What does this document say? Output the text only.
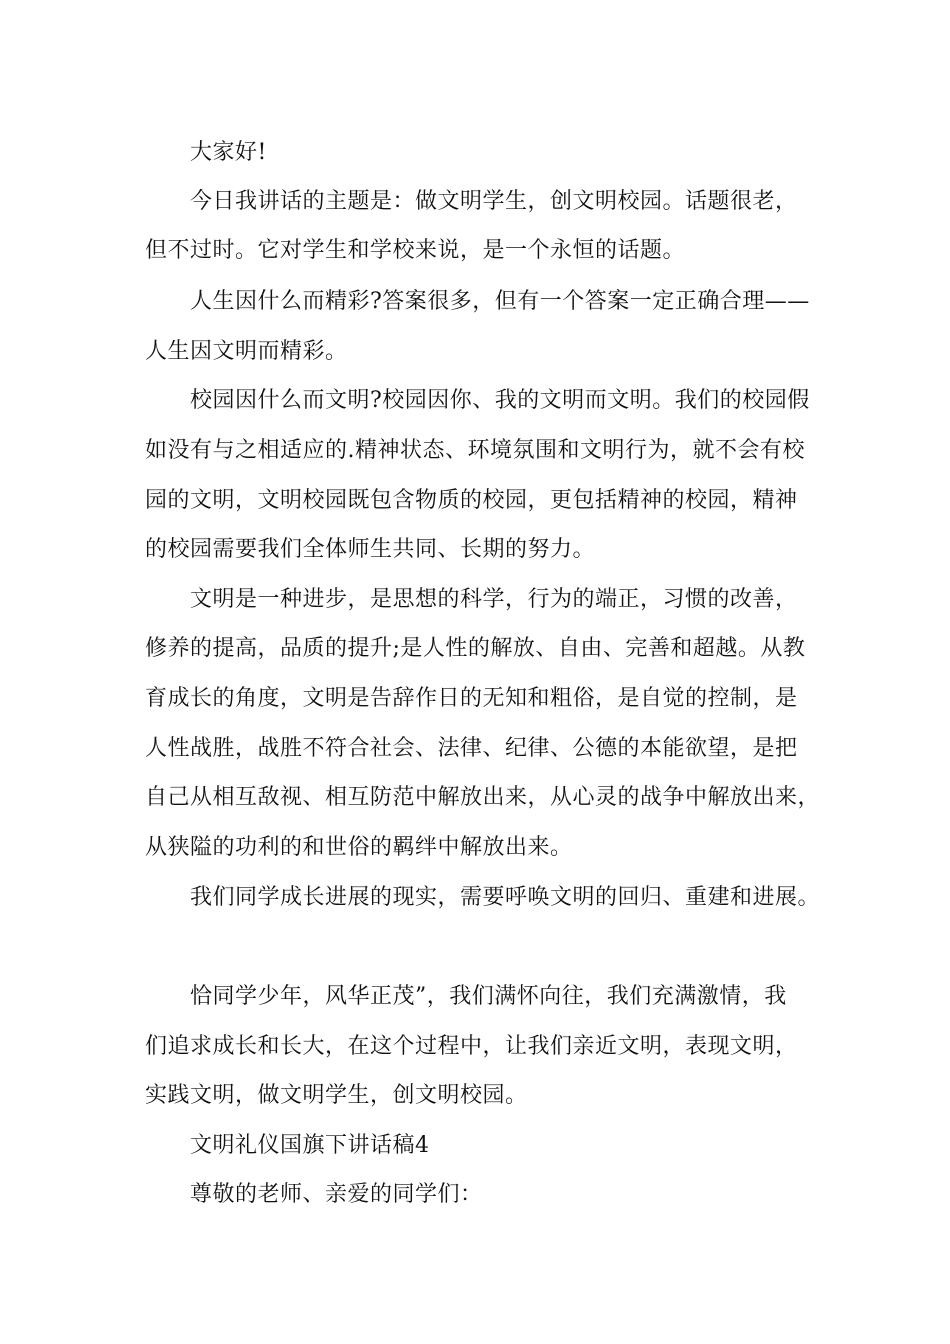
大家好!
今日我讲话的主题是：做文明学生，创文明校园。话题很老，
但不过时。它对学生和学校来说，是一个永恒的话题。
人生因什么而精彩?答案很多，但有一个答案一定正确合理——
人生因文明而精彩。
校园因什么而文明?校园因你、我的文明而文明。我们的校园假
如没有与之相适应的.精神状态、环境氛围和文明行为，就不会有校
园的文明，文明校园既包含物质的校园，更包括精神的校园，精神
的校园需要我们全体师生共同、长期的努力。
文明是一种进步，是思想的科学，行为的端正，习惯的改善，
修养的提高，品质的提升;是人性的解放、自由、完善和超越。从教
育成长的角度，文明是告辞作日的无知和粗俗，是自觉的控制，是
人性战胜，战胜不符合社会、法律、纪律、公德的本能欲望，是把
自己从相互敌视、相互防范中解放出来，从心灵的战争中解放出来，
从狭隘的功利的和世俗的羁绊中解放出来。
我们同学成长进展的现实，需要呼唤文明的回归、重建和进展。
恰同学少年，风华正茂”，我们满怀向往，我们充满激情，我
们追求成长和长大，在这个过程中，让我们亲近文明，表现文明，
实践文明，做文明学生，创文明校园。
文明礼仪国旗下讲话稿4
尊敬的老师、亲爱的同学们：
